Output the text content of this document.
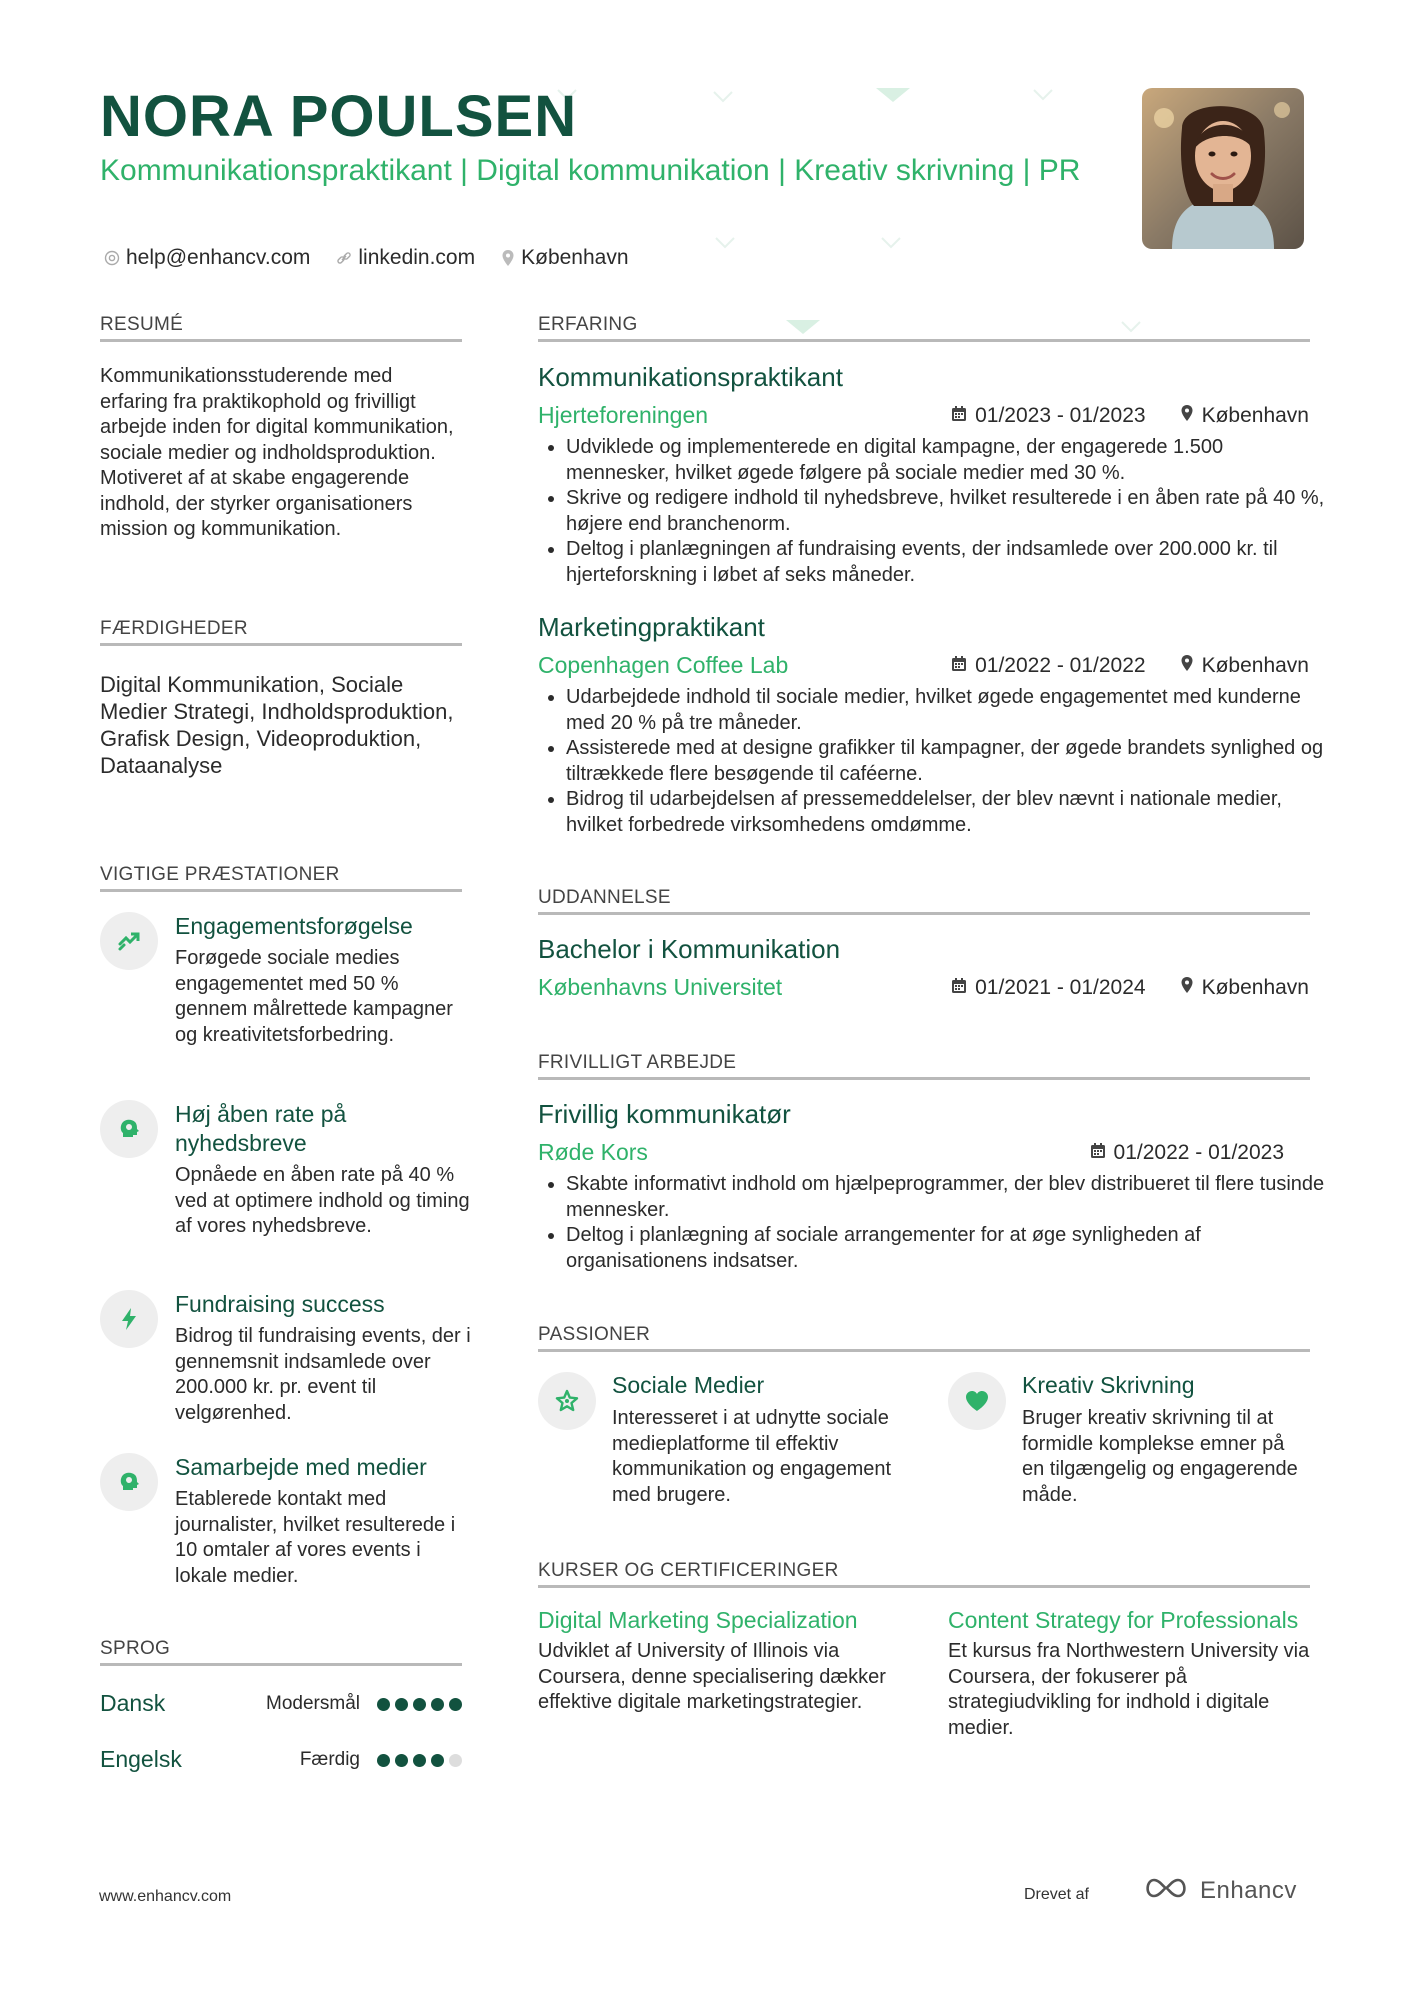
NORA POULSEN
Kommunikationspraktikant | Digital kommunikation | Kreativ skrivning | PR
help@enhancv.com linkedin.com København
RESUMÉ

Kommunikationsstuderende med erfaring fra praktikophold og frivilligt arbejde inden for digital kommunikation, sociale medier og indholdsproduktion. Motiveret af at skabe engagerende indhold, der styrker organisationers mission og kommunikation.

FÆRDIGHEDER

Digital Kommunikation, Sociale Medier Strategi, Indholdsproduktion, Grafisk Design, Videoproduktion, Dataanalyse

VIGTIGE PRÆSTATIONER
Engagementsforøgelse
Forøgede sociale medies engagementet med 50 % gennem målrettede kampagner og kreativitetsforbedring.
Høj åben rate på nyhedsbreve
Opnåede en åben rate på 40 % ved at optimere indhold og timing af vores nyhedsbreve.
Fundraising success
Bidrog til fundraising events, der i gennemsnit indsamlede over 200.000 kr. pr. event til velgørenhed.
Samarbejde med medier
Etablerede kontakt med journalister, hvilket resulterede i 10 omtaler af vores events i lokale medier.
SPROG
Dansk	Modersmål
Engelsk	Færdig
ERFARING
Kommunikationspraktikant
Hjerteforeningen	01/2023 - 01/2023	København
• Udviklede og implementerede en digital kampagne, der engagerede 1.500 mennesker, hvilket øgede følgere på sociale medier med 30 %.
• Skrive og redigere indhold til nyhedsbreve, hvilket resulterede i en åben rate på 40 %, højere end branchenorm.
• Deltog i planlægningen af fundraising events, der indsamlede over 200.000 kr. til hjerteforskning i løbet af seks måneder.
Marketingpraktikant
Copenhagen Coffee Lab	01/2022 - 01/2022	København
• Udarbejdede indhold til sociale medier, hvilket øgede engagementet med kunderne med 20 % på tre måneder.
• Assisterede med at designe grafikker til kampagner, der øgede brandets synlighed og tiltrækkede flere besøgende til caféerne.
• Bidrog til udarbejdelsen af pressemeddelelser, der blev nævnt i nationale medier, hvilket forbedrede virksomhedens omdømme.
UDDANNELSE
Bachelor i Kommunikation
Københavns Universitet	01/2021 - 01/2024	København
FRIVILLIGT ARBEJDE
Frivillig kommunikatør
Røde Kors	01/2022 - 01/2023
• Skabte informativt indhold om hjælpeprogrammer, der blev distribueret til flere tusinde mennesker.
• Deltog i planlægning af sociale arrangementer for at øge synligheden af organisationens indsatser.
PASSIONER
Sociale Medier
Interesseret i at udnytte sociale medieplatforme til effektiv kommunikation og engagement med brugere.
Kreativ Skrivning
Bruger kreativ skrivning til at formidle komplekse emner på en tilgængelig og engagerende måde.
KURSER OG CERTIFICERINGER

Digital Marketing Specialization

Udviklet af University of Illinois via Coursera, denne specialisering dækker effektive digitale marketingstrategier.

Content Strategy for Professionals

Et kursus fra Northwestern University via Coursera, der fokuserer på strategiudvikling for indhold i digitale medier.

www.enhancv.com	Drevet af	Enhancv
